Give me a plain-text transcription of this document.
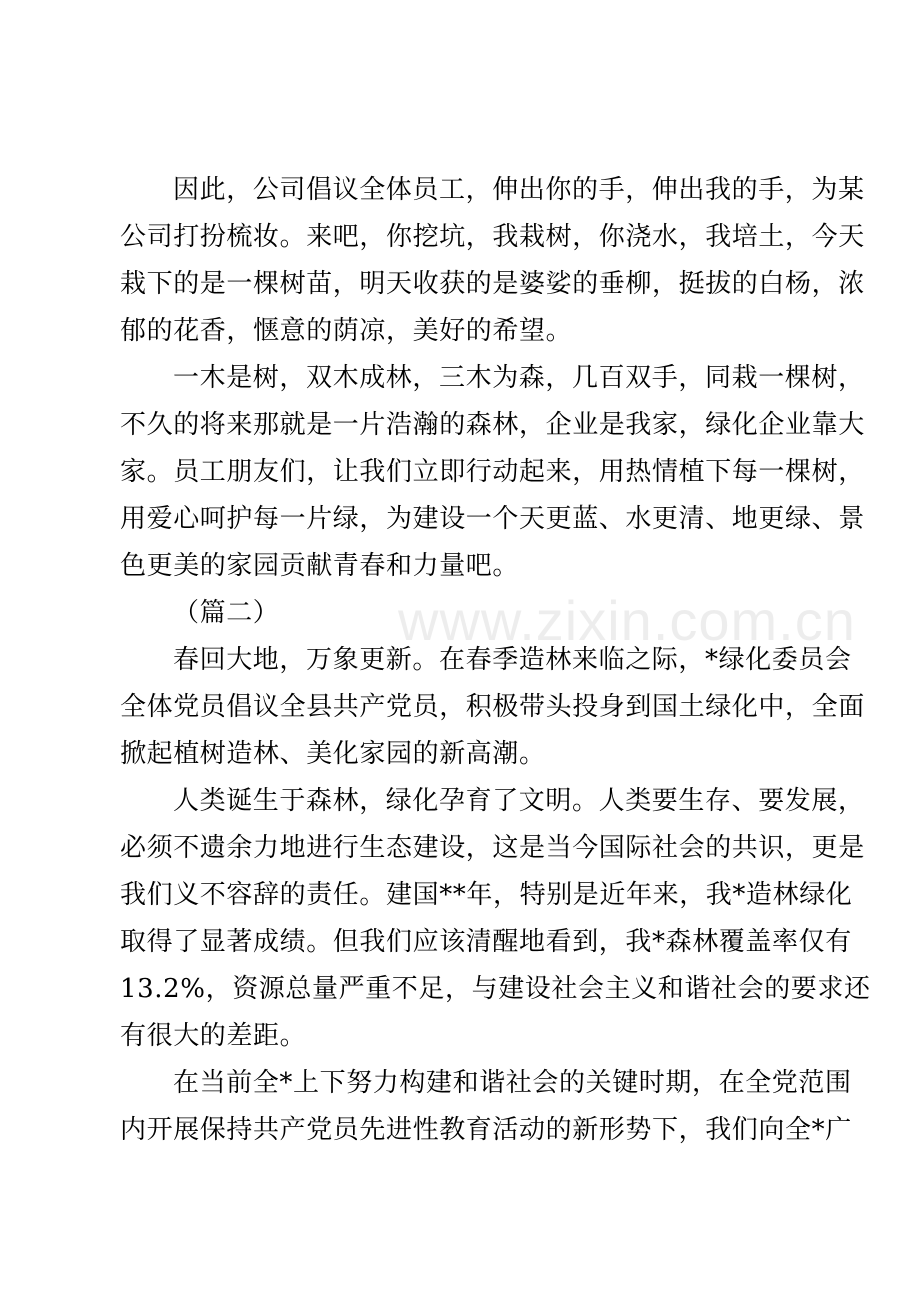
www.zixin.com.cn
因此，公司倡议全体员工，伸出你的手，伸出我的手，为某
公司打扮梳妆。来吧，你挖坑，我栽树，你浇水，我培土，今天
栽下的是一棵树苗，明天收获的是婆娑的垂柳，挺拔的白杨，浓
郁的花香，惬意的荫凉，美好的希望。
一木是树，双木成林，三木为森，几百双手，同栽一棵树，
不久的将来那就是一片浩瀚的森林，企业是我家，绿化企业靠大
家。员工朋友们，让我们立即行动起来，用热情植下每一棵树，
用爱心呵护每一片绿，为建设一个天更蓝、水更清、地更绿、景
色更美的家园贡献青春和力量吧。
（篇二）
春回大地，万象更新。在春季造林来临之际，*绿化委员会
全体党员倡议全县共产党员，积极带头投身到国土绿化中，全面
掀起植树造林、美化家园的新高潮。
人类诞生于森林，绿化孕育了文明。人类要生存、要发展，
必须不遗余力地进行生态建设，这是当今国际社会的共识，更是
我们义不容辞的责任。建国**年，特别是近年来，我*造林绿化
取得了显著成绩。但我们应该清醒地看到，我*森林覆盖率仅有
13.2%，资源总量严重不足，与建设社会主义和谐社会的要求还
有很大的差距。
在当前全*上下努力构建和谐社会的关键时期，在全党范围
内开展保持共产党员先进性教育活动的新形势下，我们向全*广
